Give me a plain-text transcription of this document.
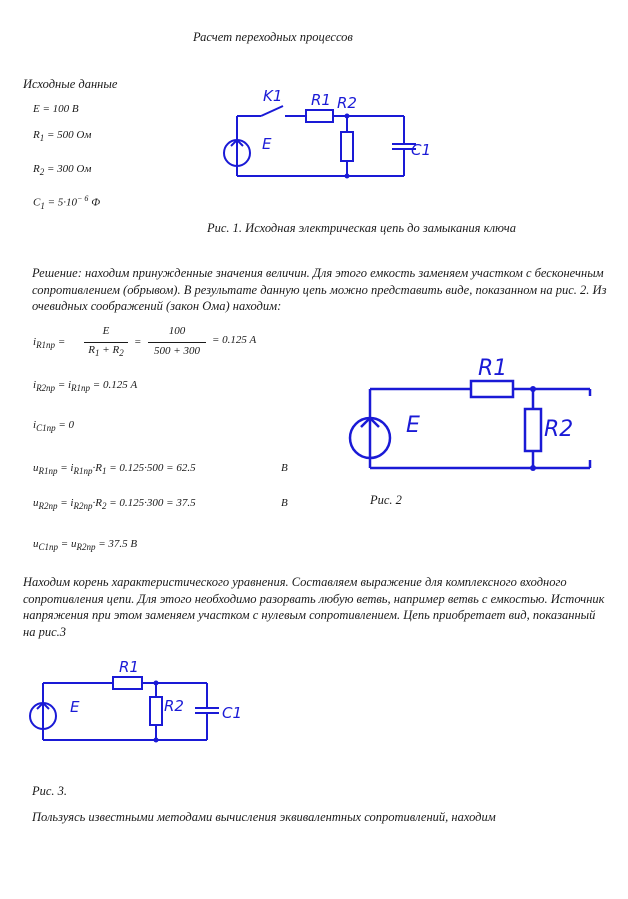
Расчет переходных процессов
Исходные данные
E = 100 В
$R_1 = 500$ Ом
$R_2 = 300$ Ом
$C_1 = 5\cdot 10^{- 6}$ Ф
K1 R1 R2
E	C1
Рис. 1. Исходная электрическая цепь до замыкания ключа
Решение: находим принужденные значения величин. Для этого емкость заменяем участком с бесконечным сопротивлением (обрывом). В результате данную цепь можно представить виде, показанном на рис. 2. Из очевидных соображений (закон Ома) находим:
$i_{R1пр}$ =
E
$R_1 + R_2$
=
100
500 + 300
= 0.125 A
$i_{R2пр} = i_{R1пр} = 0.125$ A
$i_{C1пр} = 0$
$u_{R1пр} = i_{R1пр}\cdot R_1 = 0.125\cdot 500 = 62.5$	В
$u_{R2пр} = i_{R2пр}\cdot R_2 = 0.125\cdot 300 = 37.5$	В
$u_{C1пр} = u_{R2пр} = 37.5$ В
R1
R2
E
Рис. 2
Находим корень характеристического уравнения. Составляем выражение для комплексного входного сопротивления цепи. Для этого необходимо разорвать любую ветвь, например ветвь с емкостью. Источник напряжения при этом заменяем участком с нулевым сопротивлением. Цепь приобретает вид, показанный на рис.3
R1
R2
E	C1
Рис. 3.
Пользуясь известными методами вычисления эквивалентных сопротивлений, находим
